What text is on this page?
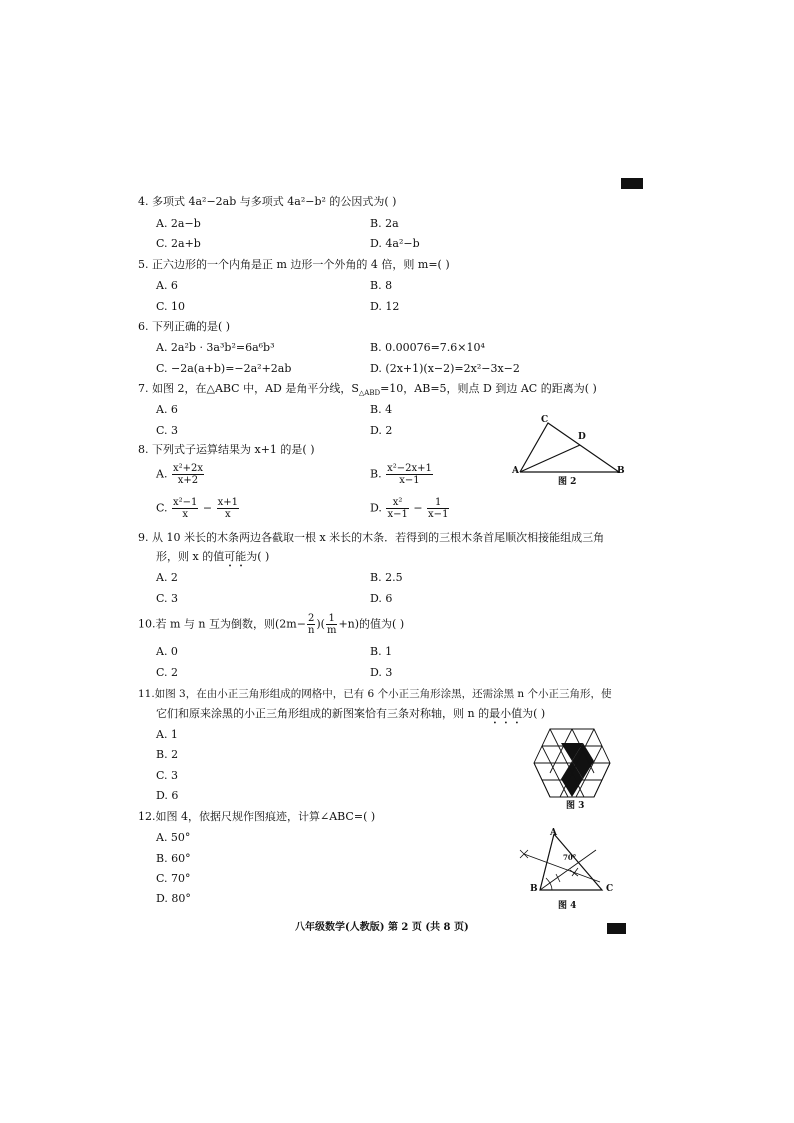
4. 多项式 4a²−2ab 与多项式 4a²−b² 的公因式为( )
A. 2a−b	B. 2a
C. 2a+b	D. 4a²−b
5. 正六边形的一个内角是正 m 边形一个外角的 4 倍，则 m=( )
A. 6	B. 8
C. 10	D. 12
6. 下列正确的是( )
A. 2a²b · 3a³b²=6a⁶b³	B. 0.00076=7.6×10⁴
C. −2a(a+b)=−2a²+2ab	D. (2x+1)(x−2)=2x²−3x−2
7. 如图 2，在△ABC 中，AD 是角平分线，$S_{\triangle ABD}=10$，AB=5，则点 D 到边 AC 的距离为( )
A. 6	B. 4
C. 3	D. 2
C
D
A	B
图 2
8. 下列式子运算结果为 x+1 的是( )
A. $\frac{\text{x²+2x}}{x+2}$	B. $\frac{\text{x²−2x+1}}{x-1}$
C. $\frac{\text{x²−1}}{x} - \frac{x+1}{x}$	D. $\frac{\text{x²}}{x-1} - \frac{1}{x-1}$
9. 从 10 米长的木条两边各截取一根 x 米长的木条．若得到的三根木条首尾顺次相接能组成三角
形，则 x 的值可能为( )
A. 2	B. 2.5
C. 3	D. 6
10.若 m 与 n 互为倒数，则($2m- \frac{2}{n}$ )( $\frac{1}{m} +n$)的值为( )
A. 0	B. 1
C. 2	D. 3
11.如图 3，在由小正三角形组成的网格中，已有 6 个小正三角形涂黑，还需涂黑 n 个小正三角形，使
它们和原来涂黑的小正三角形组成的新图案恰有三条对称轴，则 n 的最小值为( )
A. 1
B. 2
C. 3
D. 6
图 3
12.如图 4，依据尺规作图痕迹，计算∠ABC=( )
A. 50°
B. 60°
C. 70°
D. 80°
A
70°
B	C
图 4
八年级数学(人教版) 第 2 页 (共 8 页)
